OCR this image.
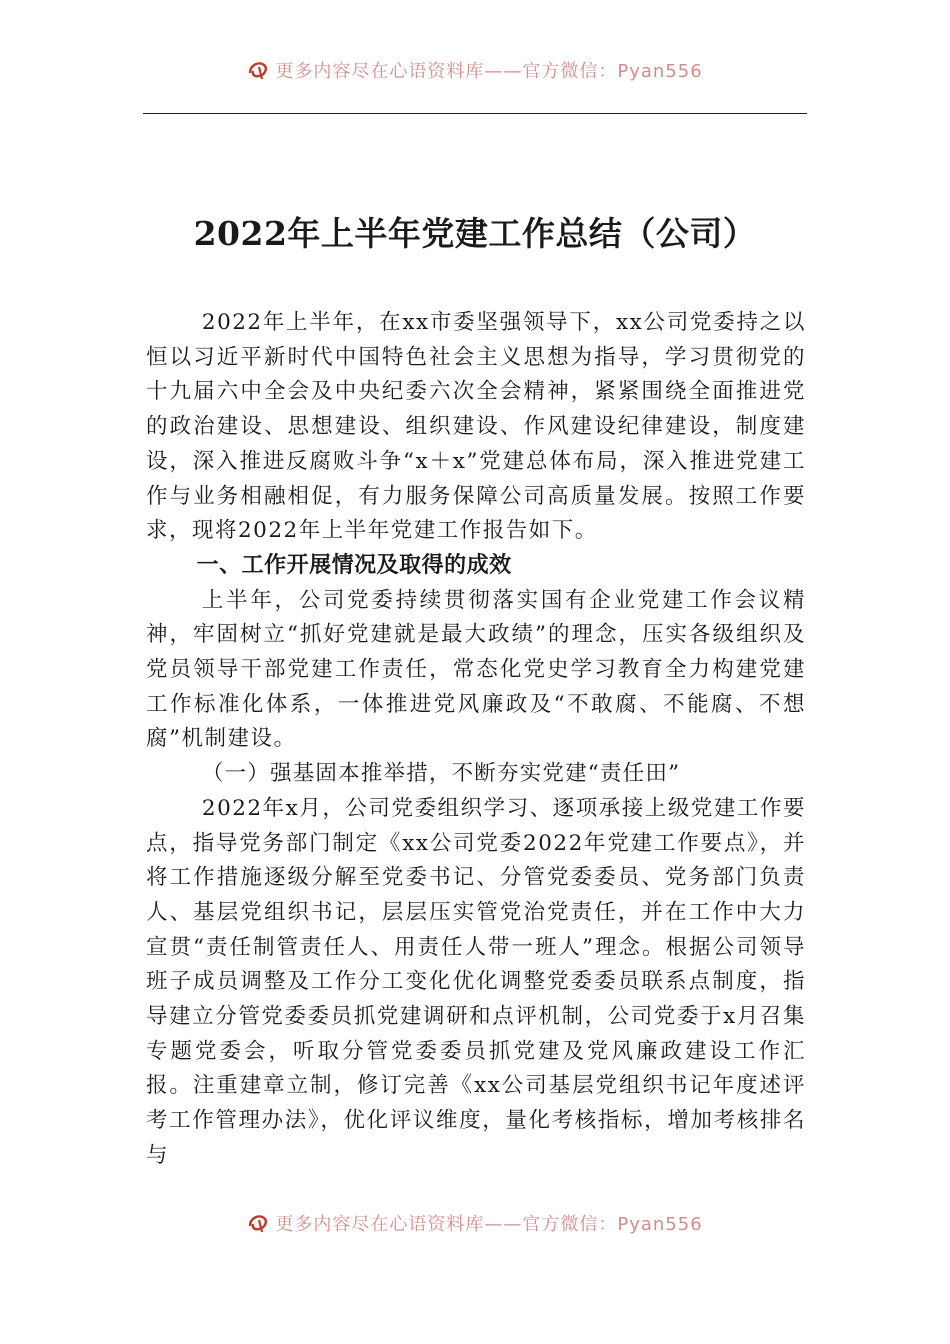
更多内容尽在心语资料库——官方微信：Pyan556
2022年上半年党建工作总结（公司）

2022年上半年，在xx市委坚强领导下，xx公司党委持之以恒以习近平新时代中国特色社会主义思想为指导，学习贯彻党的十九届六中全会及中央纪委六次全会精神，紧紧围绕全面推进党的政治建设、思想建设、组织建设、作风建设纪律建设，制度建设，深入推进反腐败斗争“x＋x”党建总体布局，深入推进党建工作与业务相融相促，有力服务保障公司高质量发展。按照工作要求，现将2022年上半年党建工作报告如下。

一、工作开展情况及取得的成效

上半年，公司党委持续贯彻落实国有企业党建工作会议精神，牢固树立“抓好党建就是最大政绩”的理念，压实各级组织及党员领导干部党建工作责任，常态化党史学习教育全力构建党建工作标准化体系，一体推进党风廉政及“不敢腐、不能腐、不想腐”机制建设。

（一）强基固本推举措，不断夯实党建“责任田”

2022年x月，公司党委组织学习、逐项承接上级党建工作要点，指导党务部门制定《xx公司党委2022年党建工作要点》，并将工作措施逐级分解至党委书记、分管党委委员、党务部门负责人、基层党组织书记，层层压实管党治党责任，并在工作中大力宣贯“责任制管责任人、用责任人带一班人”理念。根据公司领导班子成员调整及工作分工变化优化调整党委委员联系点制度，指导建立分管党委委员抓党建调研和点评机制，公司党委于x月召集专题党委会，听取分管党委委员抓党建及党风廉政建设工作汇报。注重建章立制，修订完善《xx公司基层党组织书记年度述评考工作管理办法》，优化评议维度，量化考核指标，增加考核排名与

更多内容尽在心语资料库——官方微信：Pyan556
